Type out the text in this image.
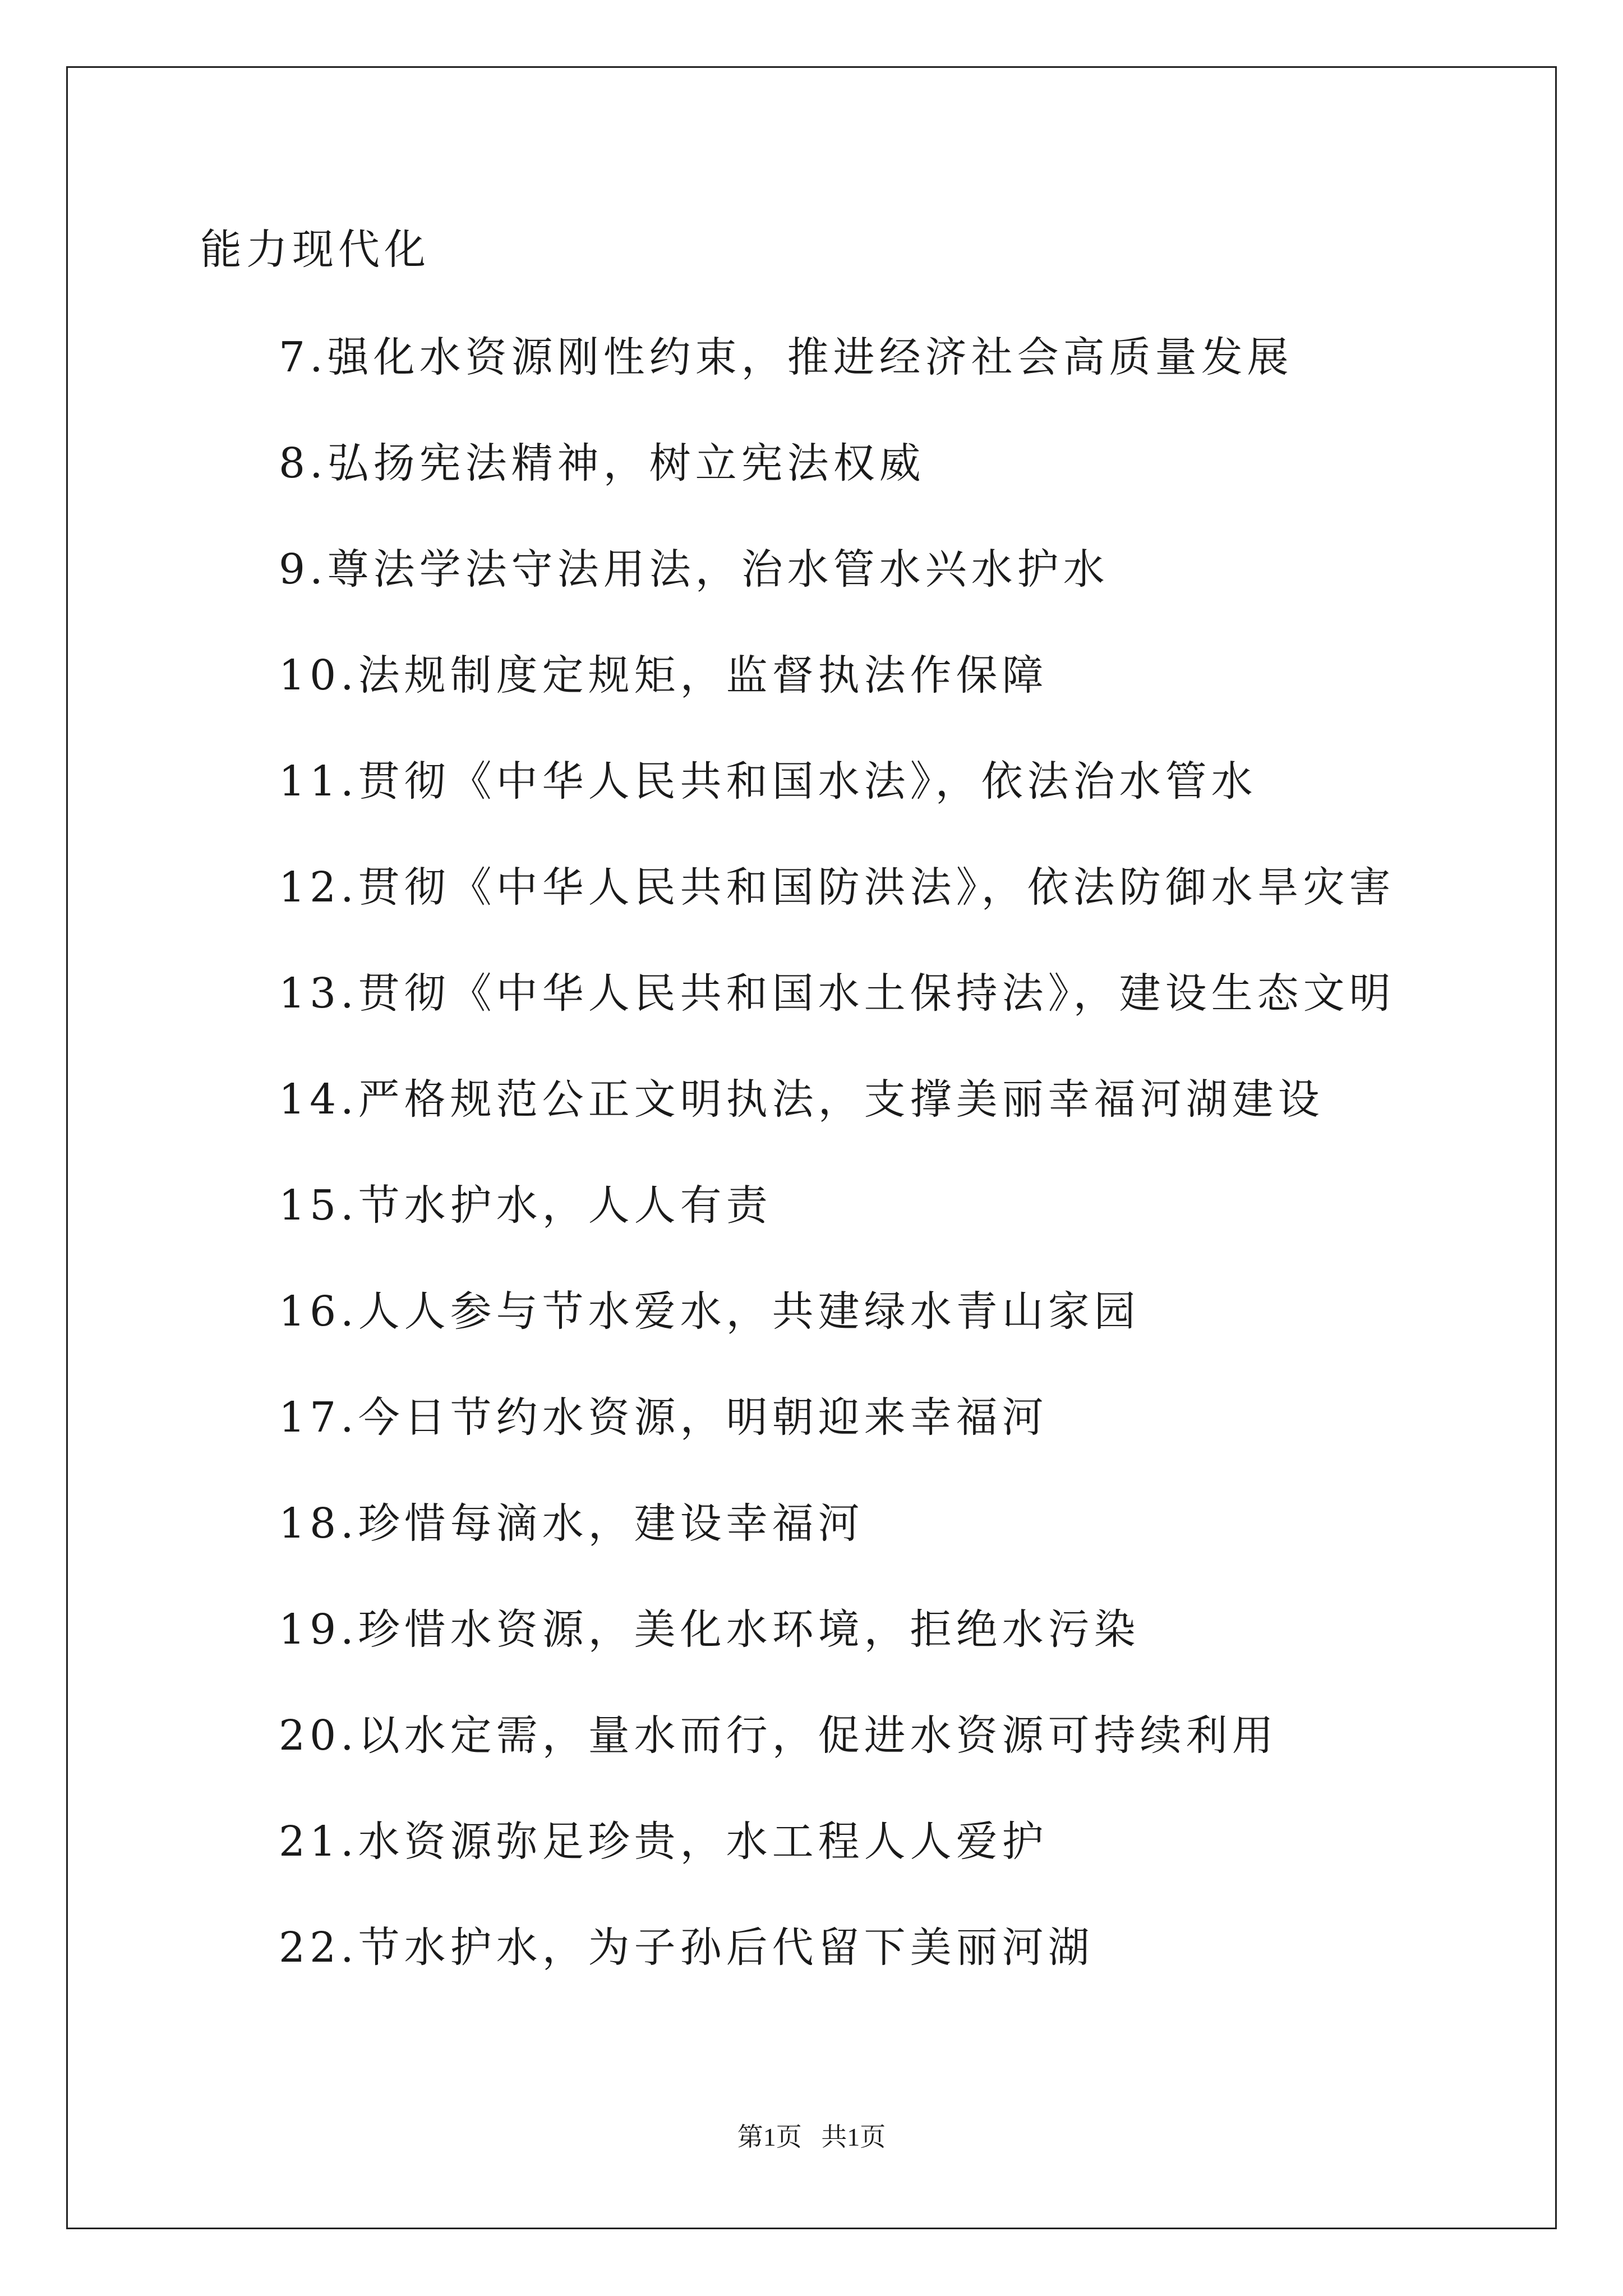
能力现代化
7.强化水资源刚性约束，推进经济社会高质量发展
8.弘扬宪法精神，树立宪法权威
9.尊法学法守法用法，治水管水兴水护水
10.法规制度定规矩，监督执法作保障
11.贯彻《中华人民共和国水法》，依法治水管水
12.贯彻《中华人民共和国防洪法》，依法防御水旱灾害
13.贯彻《中华人民共和国水土保持法》，建设生态文明
14.严格规范公正文明执法，支撑美丽幸福河湖建设
15.节水护水，人人有责
16.人人参与节水爱水，共建绿水青山家园
17.今日节约水资源，明朝迎来幸福河
18.珍惜每滴水，建设幸福河
19.珍惜水资源，美化水环境，拒绝水污染
20.以水定需，量水而行，促进水资源可持续利用
21.水资源弥足珍贵，水工程人人爱护
22.节水护水，为子孙后代留下美丽河湖
第1页   共1页
